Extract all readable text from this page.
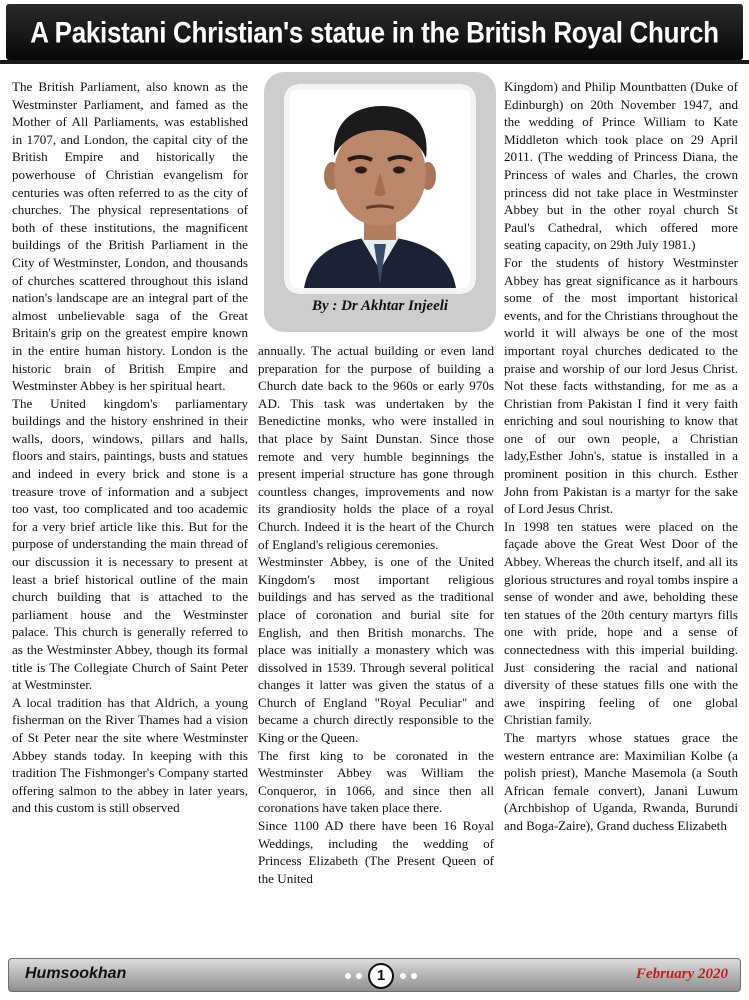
A Pakistani Christian's statue in the British Royal Church
By : Dr Akhtar Injeeli

The British Parliament, also known as the Westminster Parliament, and famed as the Mother of All Parliaments, was established in 1707, and London, the capital city of the British Empire and historically the powerhouse of Christian evangelism for centuries was often referred to as the city of churches. The physical representations of both of these institutions, the magnificent buildings of the British Parliament in the City of Westminster, London, and thousands of churches scattered throughout this island nation's landscape are an integral part of the almost unbelievable saga of the Great Britain's grip on the greatest empire known in the entire human history. London is the historic brain of British Empire and Westminster Abbey is her spiritual heart.

The United kingdom's parliamentary buildings and the history enshrined in their walls, doors, windows, pillars and halls, floors and stairs, paintings, busts and statues and indeed in every brick and stone is a treasure trove of information and a subject too vast, too complicated and too academic for a very brief article like this. But for the purpose of understanding the main thread of our discussion it is necessary to present at least a brief historical outline of the main church building that is attached to the parliament house and the Westminster palace. This church is generally referred to as the Westminster Abbey, though its formal title is The Collegiate Church of Saint Peter at Westminster.

A local tradition has that Aldrich, a young fisherman on the River Thames had a vision of St Peter near the site where Westminster Abbey stands today. In keeping with this tradition The Fishmonger's Company started offering salmon to the abbey in later years, and this custom is still observed

annually. The actual building or even land preparation for the purpose of building a Church date back to the 960s or early 970s AD. This task was undertaken by the Benedictine monks, who were installed in that place by Saint Dunstan. Since those remote and very humble beginnings the present imperial structure has gone through countless changes, improvements and now its grandiosity holds the place of a royal Church. Indeed it is the heart of the Church of England's religious ceremonies.

Westminster Abbey, is one of the United Kingdom's most important religious buildings and has served as the traditional place of coronation and burial site for English, and then British monarchs. The place was initially a monastery which was dissolved in 1539. Through several political changes it latter was given the status of a Church of England "Royal Peculiar" and became a church directly responsible to the King or the Queen.

The first king to be coronated in the Westminster Abbey was William the Conqueror, in 1066, and since then all coronations have taken place there.

Since 1100 AD there have been 16 Royal Weddings, including the wedding of Princess Elizabeth (The Present Queen of the United

Kingdom) and Philip Mountbatten (Duke of Edinburgh) on 20th November 1947, and the wedding of Prince William to Kate Middleton which took place on 29 April 2011. (The wedding of Princess Diana, the Princess of wales and Charles, the crown princess did not take place in Westminster Abbey but in the other royal church St Paul's Cathedral, which offered more seating capacity, on 29th July 1981.)

For the students of history Westminster Abbey has great significance as it harbours some of the most important historical events, and for the Christians throughout the world it will always be one of the most important royal churches dedicated to the praise and worship of our lord Jesus Christ. Not these facts withstanding, for me as a Christian from Pakistan I find it very faith enriching and soul nourishing to know that one of our own people, a Christian lady,Esther John's, statue is installed in a prominent position in this church. Esther John from Pakistan is a martyr for the sake of Lord Jesus Christ.

In 1998 ten statues were placed on the façade above the Great West Door of the Abbey. Whereas the church itself, and all its glorious structures and royal tombs inspire a sense of wonder and awe, beholding these ten statues of the 20th century martyrs fills one with pride, hope and a sense of connectedness with this imperial building. Just considering the racial and national diversity of these statues fills one with the awe inspiring feeling of one global Christian family.

The martyrs whose statues grace the western entrance are: Maximilian Kolbe (a polish priest), Manche Masemola (a South African female convert), Janani Luwum (Archbishop of Uganda, Rwanda, Burundi and Boga-Zaire), Grand duchess Elizabeth

Humsookhan	1	February 2020
